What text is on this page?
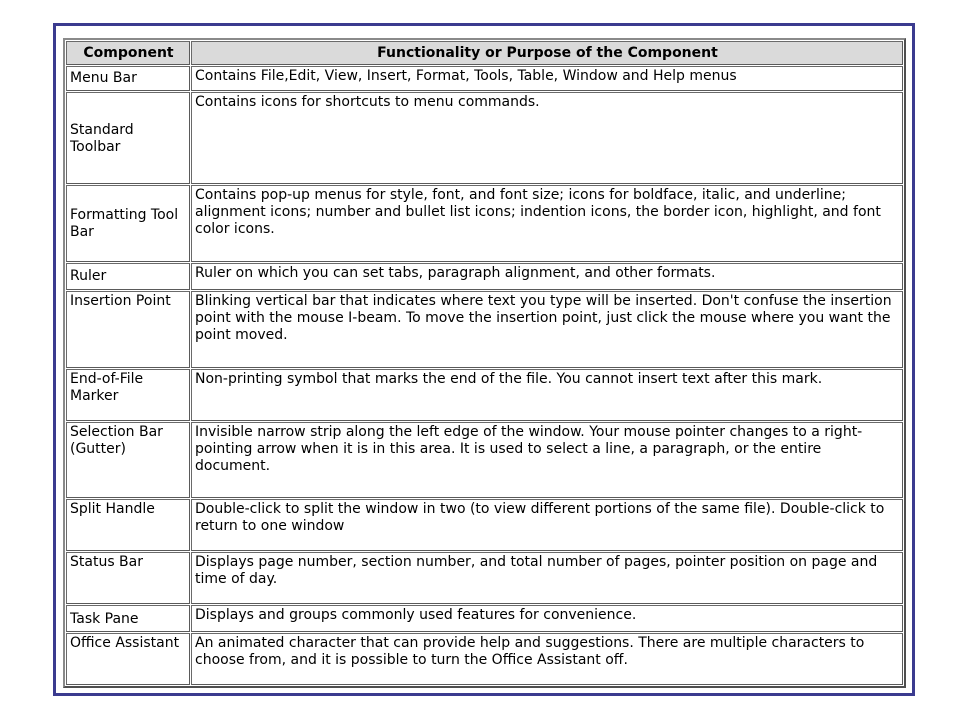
Component	Functionality or Purpose of the Component
Menu Bar	Contains File,Edit, View, Insert, Format, Tools, Table, Window and Help menus
Standard Toolbar	Contains icons for shortcuts to menu commands.
Formatting Tool Bar	Contains pop-up menus for style, font, and font size; icons for boldface, italic, and underline; alignment icons; number and bullet list icons; indention icons, the border icon, highlight, and font color icons.
Ruler	Ruler on which you can set tabs, paragraph alignment, and other formats.
Insertion Point	Blinking vertical bar that indicates where text you type will be inserted. Don't confuse the insertion point with the mouse I-beam. To move the insertion point, just click the mouse where you want the point moved.
End-of-File Marker	Non-printing symbol that marks the end of the file. You cannot insert text after this mark.
Selection Bar (Gutter)	Invisible narrow strip along the left edge of the window. Your mouse pointer changes to a right-pointing arrow when it is in this area. It is used to select a line, a paragraph, or the entire document.
Split Handle	Double-click to split the window in two (to view different portions of the same file). Double-click to return to one window
Status Bar	Displays page number, section number, and total number of pages, pointer position on page and time of day.
Task Pane	Displays and groups commonly used features for convenience.
Office Assistant	An animated character that can provide help and suggestions. There are multiple characters to choose from, and it is possible to turn the Office Assistant off.
